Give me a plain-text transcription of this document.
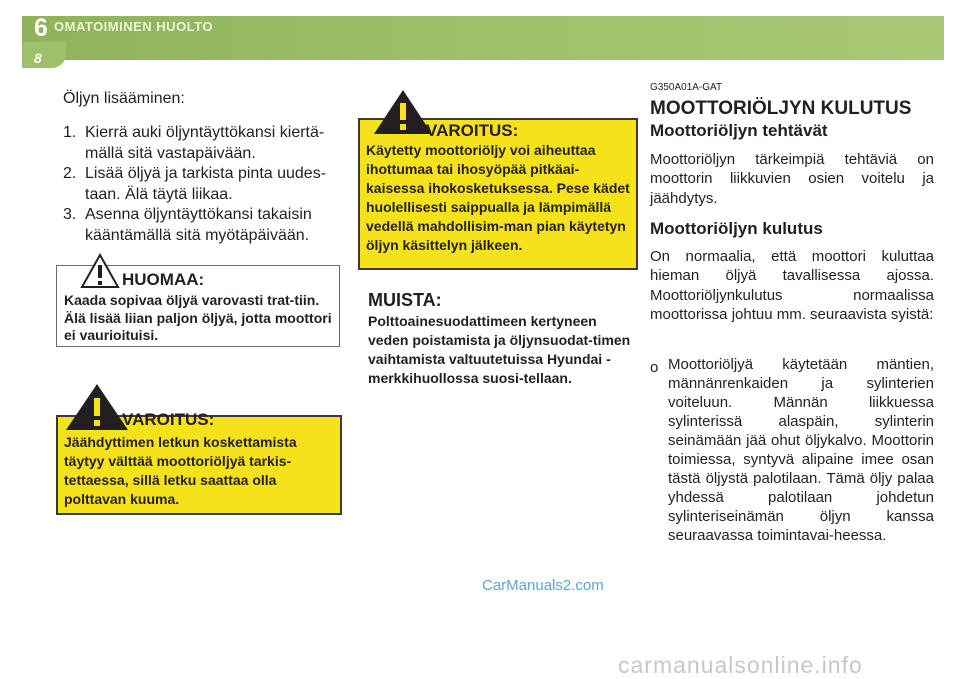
6 OMATOIMINEN HUOLTO
8
Öljyn lisääminen:
1. Kierrä auki öljyntäyttökansi kiertä-mällä sitä vastapäivään.
2. Lisää öljyä ja tarkista pinta uudes-taan. Älä täytä liikaa.
3. Asenna öljyntäyttökansi takaisin kääntämällä sitä myötäpäivään.
HUOMAA:
Kaada sopivaa öljyä varovasti trat-tiin. Älä lisää liian paljon öljyä, jotta moottori ei vaurioituisi.
VAROITUS:
Jäähdyttimen letkun koskettamista täytyy välttää moottoriöljyä tarkis-tettaessa, sillä letku saattaa olla polttavan kuuma.
VAROITUS:
Käytetty moottoriöljy voi aiheuttaa ihottumaa tai ihosyöpää pitkäai-kaisessa ihokosketuksessa. Pese kädet huolellisesti saippualla ja lämpimällä vedellä mahdollisim-man pian käytetyn öljyn käsittelyn jälkeen.
MUISTA:
Polttoainesuodattimeen kertyneen veden poistamista ja öljynsuodat-timen vaihtamista valtuutetuissa Hyundai -merkkihuollossa suosi-tellaan.
G350A01A-GAT
MOOTTORIÖLJYN KULUTUS
Moottoriöljyn tehtävät
Moottoriöljyn tärkeimpiä tehtäviä on moottorin liikkuvien osien voitelu ja jäähdytys.
Moottoriöljyn kulutus
On normaalia, että moottori kuluttaa hieman öljyä tavallisessa ajossa. Moottoriöljynkulutus normaalissa moottorissa johtuu mm. seuraavista syistä:
o Moottoriöljyä käytetään mäntien, männänrenkaiden ja sylinterien voiteluun. Männän liikkuessa sylinterissä alaspäin, sylinterin seinämään jää ohut öljykalvo. Moottorin toimiessa, syntyvä alipaine imee osan tästä öljystä palotilaan. Tämä öljy palaa yhdessä palotilaan johdetun sylinteriseinämän öljyn kanssa seuraavassa toimintavai-heessa.
CarManuals2.com
carmanualsonline.info
